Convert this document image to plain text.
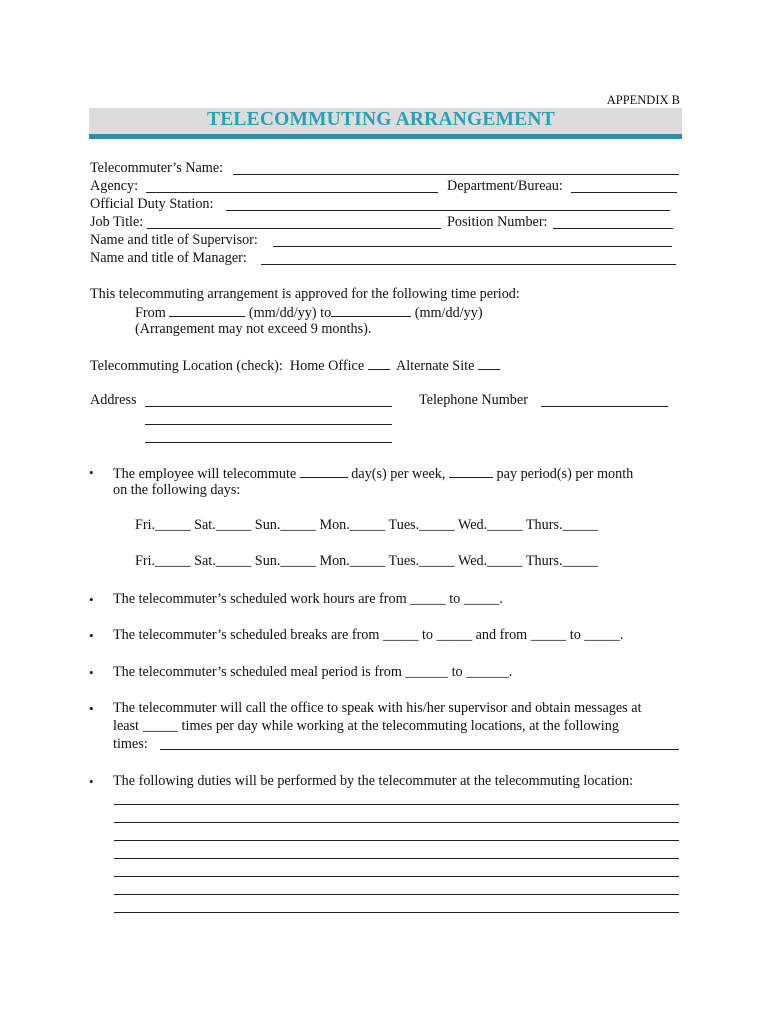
APPENDIX B
TELECOMMUTING ARRANGEMENT
Telecommuter’s Name:
Agency:	Department/Bureau:
Official Duty Station:
Job Title:	Position Number:
Name and title of Supervisor:
Name and title of Manager:
This telecommuting arrangement is approved for the following time period:
From	(mm/dd/yy) to	(mm/dd/yy)
(Arrangement may not exceed 9 months).
Telecommuting Location (check): Home Office Alternate Site
Address	Telephone Number
• The employee will telecommute	day(s) per week,	pay period(s) per month
on the following days:
Fri._____ Sat._____ Sun._____ Mon._____ Tues._____ Wed._____ Thurs._____
Fri._____ Sat._____ Sun._____ Mon._____ Tues._____ Wed._____ Thurs._____
• The telecommuter’s scheduled work hours are from _____ to _____.
• The telecommuter’s scheduled breaks are from _____ to _____ and from _____ to _____.
• The telecommuter’s scheduled meal period is from ______ to ______.
• The telecommuter will call the office to speak with his/her supervisor and obtain messages at
least _____ times per day while working at the telecommuting locations, at the following
times:
• The following duties will be performed by the telecommuter at the telecommuting location:
